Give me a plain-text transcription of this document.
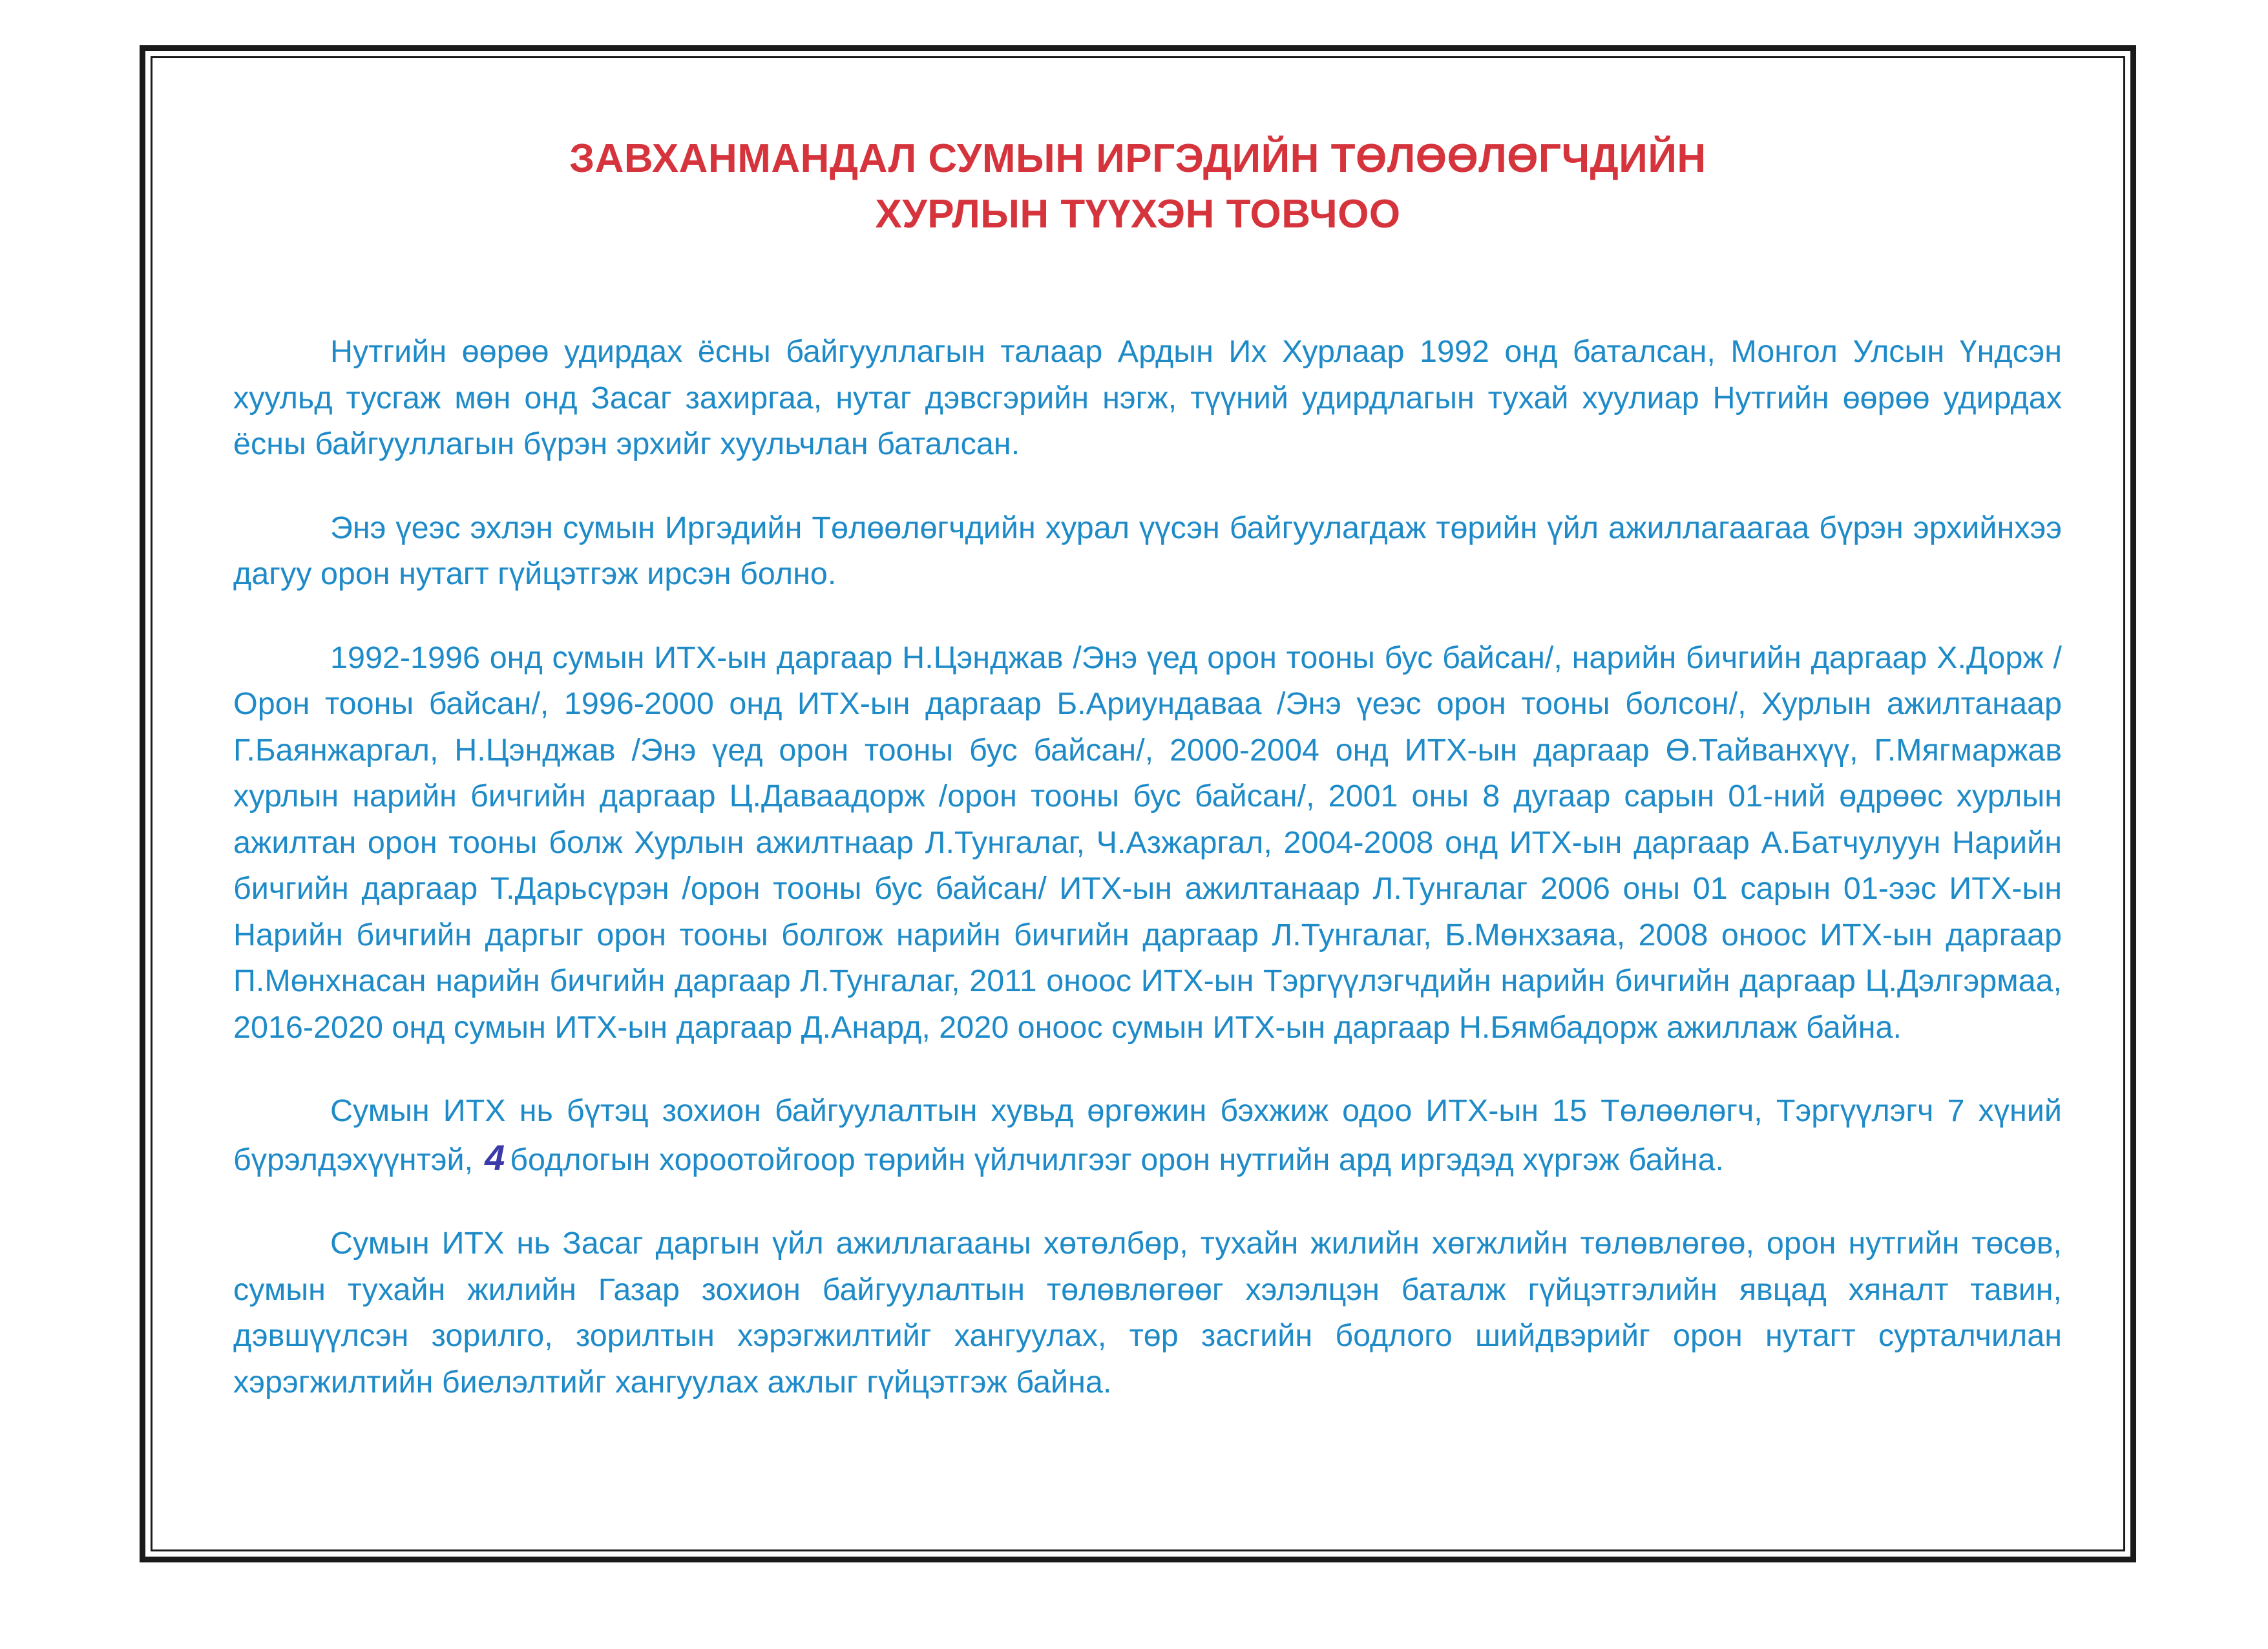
ЗАВХАНМАНДАЛ СУМЫН ИРГЭДИЙН ТӨЛӨӨЛӨГЧДИЙН
ХУРЛЫН ТҮҮХЭН ТОВЧОО

Нутгийн өөрөө удирдах ёсны байгууллагын талаар Ардын Их Хурлаар 1992 онд баталсан, Монгол Улсын Үндсэн хуульд тусгаж мөн онд Засаг захиргаа, нутаг дэвсгэрийн нэгж, түүний удирдлагын тухай хуулиар Нутгийн өөрөө удирдах ёсны байгууллагын бүрэн эрхийг хуульчлан баталсан.

Энэ үеэс эхлэн сумын Иргэдийн Төлөөлөгчдийн хурал үүсэн байгуулагдаж төрийн үйл ажиллагаагаа бүрэн эрхийнхээ дагуу орон нутагт гүйцэтгэж ирсэн болно.

1992-1996 онд сумын ИТХ-ын даргаар Н.Цэнджав /Энэ үед орон тооны бус байсан/, нарийн бичгийн даргаар Х.Дорж /Орон тооны байсан/, 1996-2000 онд ИТХ-ын даргаар Б.Ариундаваа /Энэ үеэс орон тооны болсон/, Хурлын ажилтанаар Г.Баянжаргал, Н.Цэнджав /Энэ үед орон тооны бус байсан/, 2000-2004 онд ИТХ-ын даргаар Ө.Тайванхүү, Г.Мягмаржав хурлын нарийн бичгийн даргаар Ц.Даваадорж /орон тооны бус байсан/, 2001 оны 8 дугаар сарын 01-ний өдрөөс хурлын ажилтан орон тооны болж Хурлын ажилтнаар Л.Тунгалаг, Ч.Азжаргал, 2004-2008 онд ИТХ-ын даргаар А.Батчулуун Нарийн бичгийн даргаар Т.Дарьсүрэн /орон тооны бус байсан/ ИТХ-ын ажилтанаар Л.Тунгалаг 2006 оны 01 сарын 01-ээс ИТХ-ын Нарийн бичгийн даргыг орон тооны болгож нарийн бичгийн даргаар Л.Тунгалаг, Б.Мөнхзаяа, 2008 оноос ИТХ-ын даргаар П.Мөнхнасан нарийн бичгийн даргаар Л.Тунгалаг, 2011 оноос ИТХ-ын Тэргүүлэгчдийн нарийн бичгийн даргаар Ц.Дэлгэрмаа, 2016-2020 онд сумын ИТХ-ын даргаар Д.Анард, 2020 оноос сумын ИТХ-ын даргаар Н.Бямбадорж ажиллаж байна.

Сумын ИТХ нь бүтэц зохион байгуулалтын хувьд өргөжин бэхжиж одоо ИТХ-ын 15 Төлөөлөгч, Тэргүүлэгч 7 хүний бүрэлдэхүүнтэй, 4 бодлогын хороотойгоор төрийн үйлчилгээг орон нутгийн ард иргэдэд хүргэж байна.

Сумын ИТХ нь Засаг даргын үйл ажиллагааны хөтөлбөр, тухайн жилийн хөгжлийн төлөвлөгөө, орон нутгийн төсөв, сумын тухайн жилийн Газар зохион байгуулалтын төлөвлөгөөг хэлэлцэн баталж гүйцэтгэлийн явцад хяналт тавин, дэвшүүлсэн зорилго, зорилтын хэрэгжилтийг хангуулах, төр засгийн бодлого шийдвэрийг орон нутагт сурталчилан хэрэгжилтийн биелэлтийг хангуулах ажлыг гүйцэтгэж байна.
